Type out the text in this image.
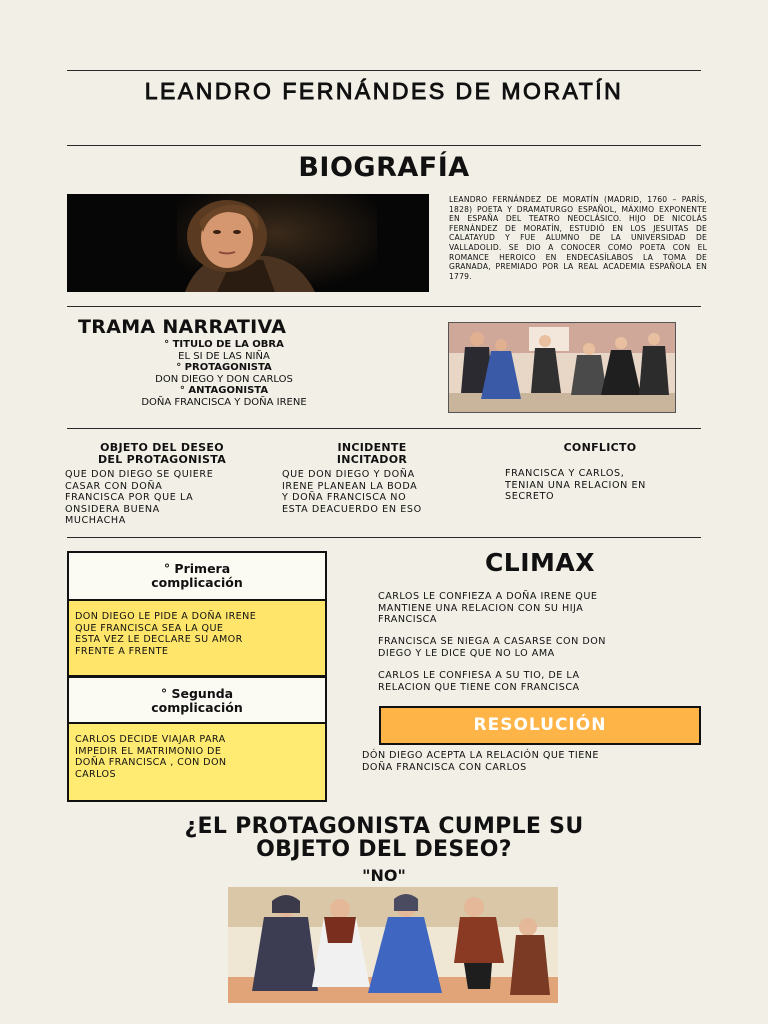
LEANDRO FERNÁNDES DE MORATÍN
BIOGRAFÍA
LEANDRO FERNÁNDEZ DE MORATÍN (MADRID, 1760 – PARÍS, 1828) POETA Y DRAMATURGO ESPAÑOL, MÁXIMO EXPONENTE EN ESPAÑA DEL TEATRO NEOCLÁSICO. HIJO DE NICOLÁS FERNÁNDEZ DE MORATÍN, ESTUDIÓ EN LOS JESUITAS DE CALATAYUD Y FUE ALUMNO DE LA UNIVERSIDAD DE VALLADOLID. SE DIO A CONOCER COMO POETA CON EL ROMANCE HEROICO EN ENDECASÍLABOS LA TOMA DE GRANADA, PREMIADO POR LA REAL ACADEMIA ESPAÑOLA EN 1779.
TRAMA NARRATIVA
° TITULO DE LA OBRA
EL SI DE LAS NIÑA
° PROTAGONISTA
DON DIEGO Y DON CARLOS
° ANTAGONISTA
DOÑA FRANCISCA Y DOÑA IRENE
OBJETO DEL DESEO
DEL PROTAGONISTA
QUE DON DIEGO SE QUIERE
CASAR CON DOÑA
FRANCISCA POR QUE LA
ONSIDERA BUENA
MUCHACHA
INCIDENTE
INCITADOR
QUE DON DIEGO Y DOÑA
IRENE PLANEAN LA BODA
Y DOÑA FRANCISCA NO
ESTA DEACUERDO EN ESO
CONFLICTO
FRANCISCA Y CARLOS,
TENIAN UNA RELACION EN
SECRETO
° Primera
complicación
DON DIEGO LE PIDE A DOÑA IRENE
QUE FRANCISCA SEA LA QUE
ESTA VEZ LE DECLARE SU AMOR
FRENTE A FRENTE
° Segunda
complicación
CARLOS DECIDE VIAJAR PARA
IMPEDIR EL MATRIMONIO DE
DOÑA FRANCISCA , CON DON
CARLOS
CLIMAX
CARLOS LE CONFIEZA A DOÑA IRENE QUE
MANTIENE UNA RELACION CON SU HIJA
FRANCISCA
FRANCISCA SE NIEGA A CASARSE CON DON
DIEGO Y LE DICE QUE NO LO AMA
CARLOS LE CONFIESA A SU TIO, DE LA
RELACION QUE TIENE CON FRANCISCA
RESOLUCIÓN
DÓN DIEGO ACEPTA LA RELACIÓN QUE TIENE
DOÑA FRANCISCA CON CARLOS
¿EL PROTAGONISTA CUMPLE SU
OBJETO DEL DESEO?
"NO"
